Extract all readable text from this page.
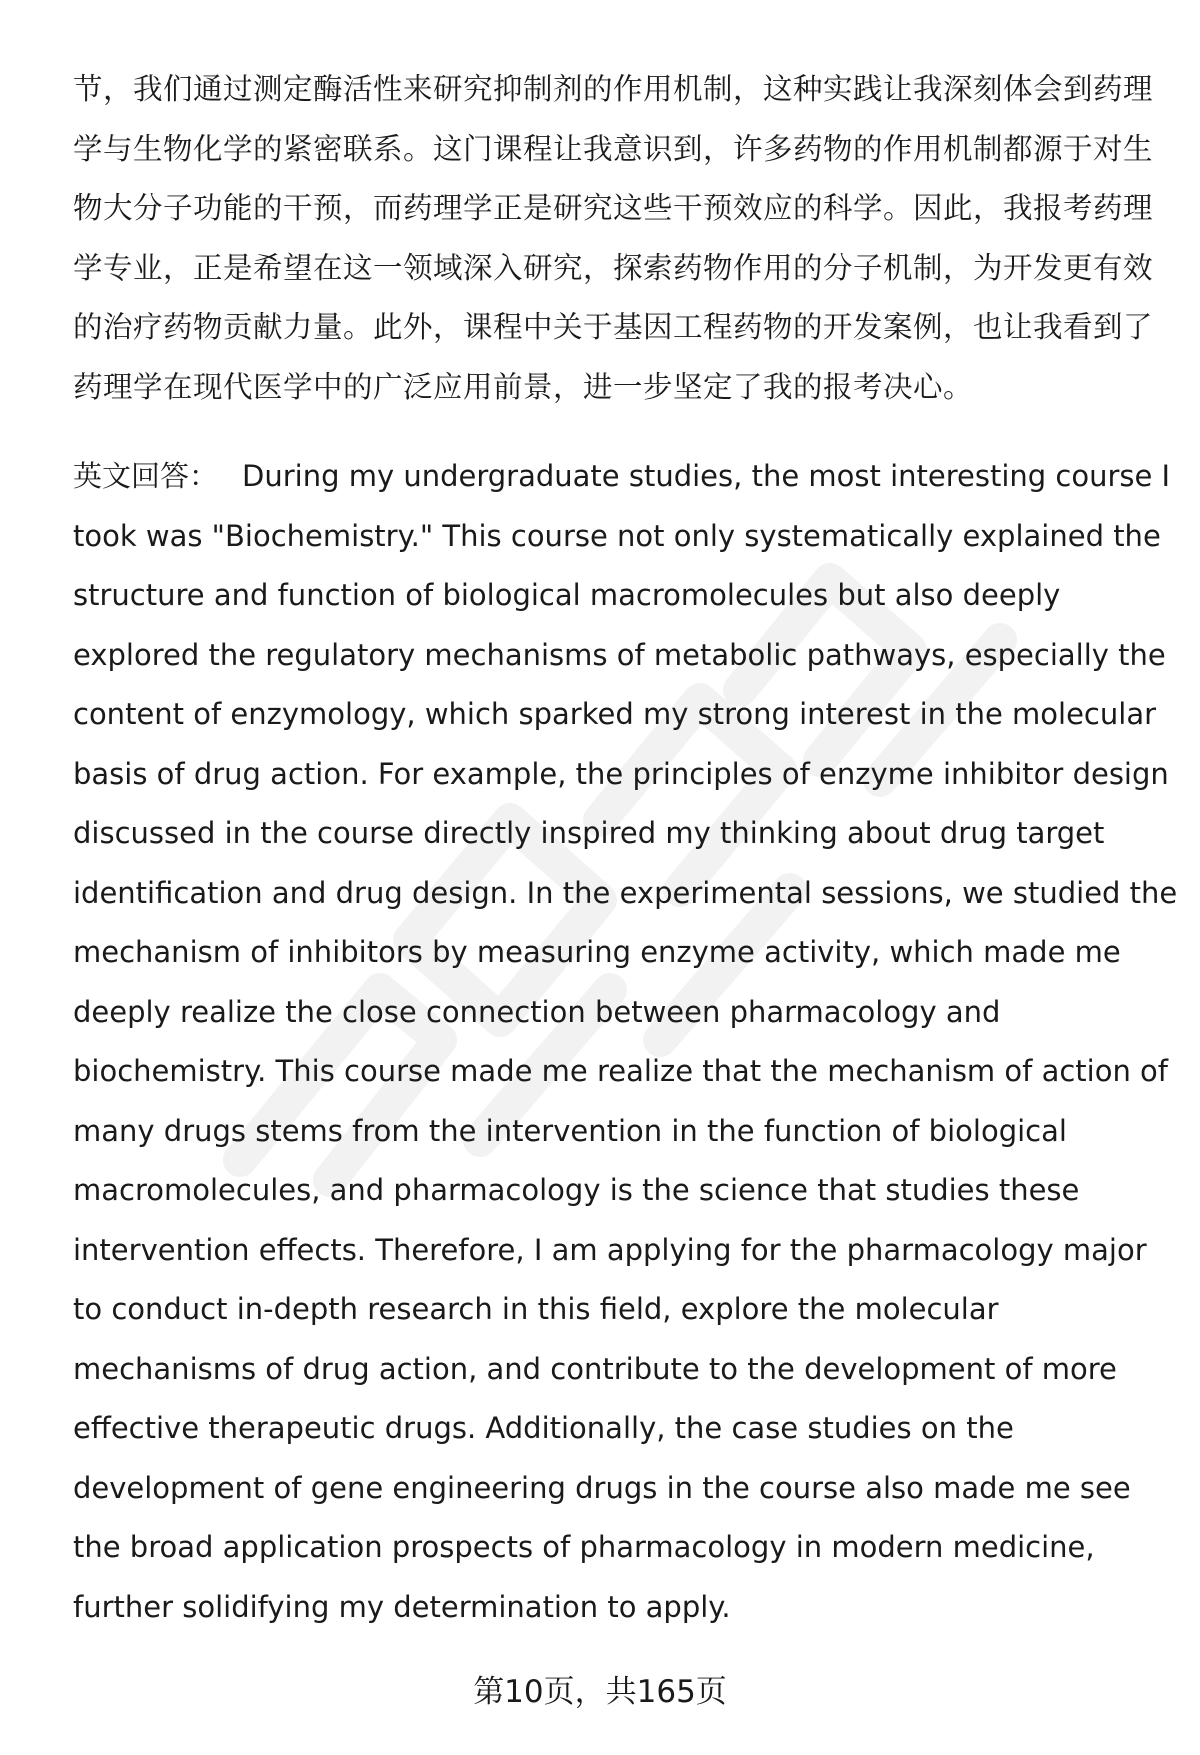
节，我们通过测定酶活性来研究抑制剂的作用机制，这种实践让我深刻体会到药理
学与生物化学的紧密联系。这门课程让我意识到，许多药物的作用机制都源于对生
物大分子功能的干预，而药理学正是研究这些干预效应的科学。因此，我报考药理
学专业，正是希望在这一领域深入研究，探索药物作用的分子机制，为开发更有效
的治疗药物贡献力量。此外，课程中关于基因工程药物的开发案例，也让我看到了
药理学在现代医学中的广泛应用前景，进一步坚定了我的报考决心。
英文回答： During my undergraduate studies, the most interesting course I
took was "Biochemistry." This course not only systematically explained the
structure and function of biological macromolecules but also deeply
explored the regulatory mechanisms of metabolic pathways, especially the
content of enzymology, which sparked my strong interest in the molecular
basis of drug action. For example, the principles of enzyme inhibitor design
discussed in the course directly inspired my thinking about drug target
identification and drug design. In the experimental sessions, we studied the
mechanism of inhibitors by measuring enzyme activity, which made me
deeply realize the close connection between pharmacology and
biochemistry. This course made me realize that the mechanism of action of
many drugs stems from the intervention in the function of biological
macromolecules, and pharmacology is the science that studies these
intervention effects. Therefore, I am applying for the pharmacology major
to conduct in-depth research in this field, explore the molecular
mechanisms of drug action, and contribute to the development of more
effective therapeutic drugs. Additionally, the case studies on the
development of gene engineering drugs in the course also made me see
the broad application prospects of pharmacology in modern medicine,
further solidifying my determination to apply.
第10页，共165页
